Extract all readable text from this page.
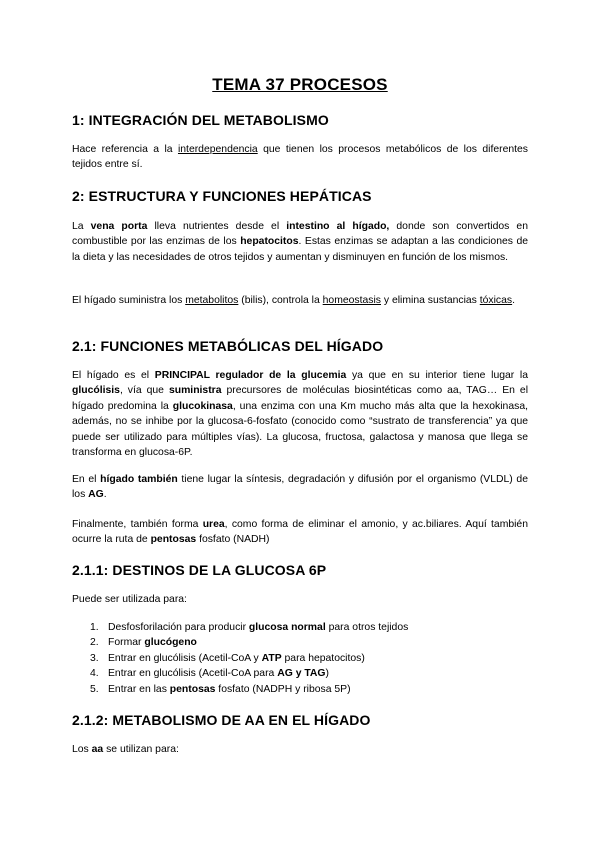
TEMA 37 PROCESOS
1: INTEGRACIÓN DEL METABOLISMO
Hace referencia a la interdependencia que tienen los procesos metabólicos de los diferentes tejidos entre sí.
2: ESTRUCTURA Y FUNCIONES HEPÁTICAS
La vena porta lleva nutrientes desde el intestino al hígado, donde son convertidos en combustible por las enzimas de los hepatocitos. Estas enzimas se adaptan a las condiciones de la dieta y las necesidades de otros tejidos y aumentan y disminuyen en función de los mismos.
El hígado suministra los metabolitos (bilis), controla la homeostasis y elimina sustancias tóxicas.
2.1: FUNCIONES METABÓLICAS DEL HÍGADO
El hígado es el PRINCIPAL regulador de la glucemia ya que en su interior tiene lugar la glucólisis, vía que suministra precursores de moléculas biosintéticas como aa, TAG… En el hígado predomina la glucokinasa, una enzima con una Km mucho más alta que la hexokinasa, además, no se inhibe por la glucosa-6-fosfato (conocido como “sustrato de transferencia” ya que puede ser utilizado para múltiples vías). La glucosa, fructosa, galactosa y manosa que llega se transforma en glucosa-6P.
En el hígado también tiene lugar la síntesis, degradación y difusión por el organismo (VLDL) de los AG.
Finalmente, también forma urea, como forma de eliminar el amonio, y ac.biliares. Aquí también ocurre la ruta de pentosas fosfato (NADH)
2.1.1: DESTINOS DE LA GLUCOSA 6P
Puede ser utilizada para:
1. Desfosforilación para producir glucosa normal para otros tejidos
2. Formar glucógeno
3. Entrar en glucólisis (Acetil-CoA y ATP para hepatocitos)
4. Entrar en glucólisis (Acetil-CoA para AG y TAG)
5. Entrar en las pentosas fosfato (NADPH y ribosa 5P)
2.1.2: METABOLISMO DE AA EN EL HÍGADO
Los aa se utilizan para:
